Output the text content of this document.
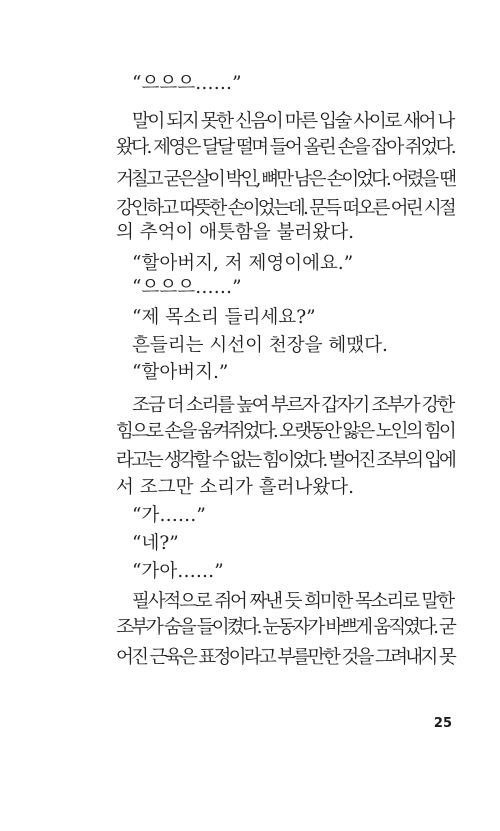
“으으으……”
말이 되지 못한 신음이 마른 입술 사이로 새어 나
왔다. 제영은 달달 떨며 들어 올린 손을 잡아 쥐었다.
거칠고 굳은살이 박인, 뼈만 남은 손이었다. 어렸을 땐
강인하고 따뜻한 손이었는데. 문득 떠오른 어린 시절
의 추억이 애틋함을 불러왔다.
“할아버지, 저 제영이에요.”
“으으으……”
“제 목소리 들리세요?”
흔들리는 시선이 천장을 헤맸다.
“할아버지.”
조금 더 소리를 높여 부르자 갑자기 조부가 강한
힘으로 손을 움켜쥐었다. 오랫동안 앓은 노인의 힘이
라고는 생각할 수 없는 힘이었다. 벌어진 조부의 입에
서 조그만 소리가 흘러나왔다.
“가……”
“네?”
“가아……”
필사적으로 쥐어 짜낸 듯 희미한 목소리로 말한
조부가 숨을 들이켰다. 눈동자가 바쁘게 움직였다. 굳
어진 근육은 표정이라고 부를만한 것을 그려내지 못
25
